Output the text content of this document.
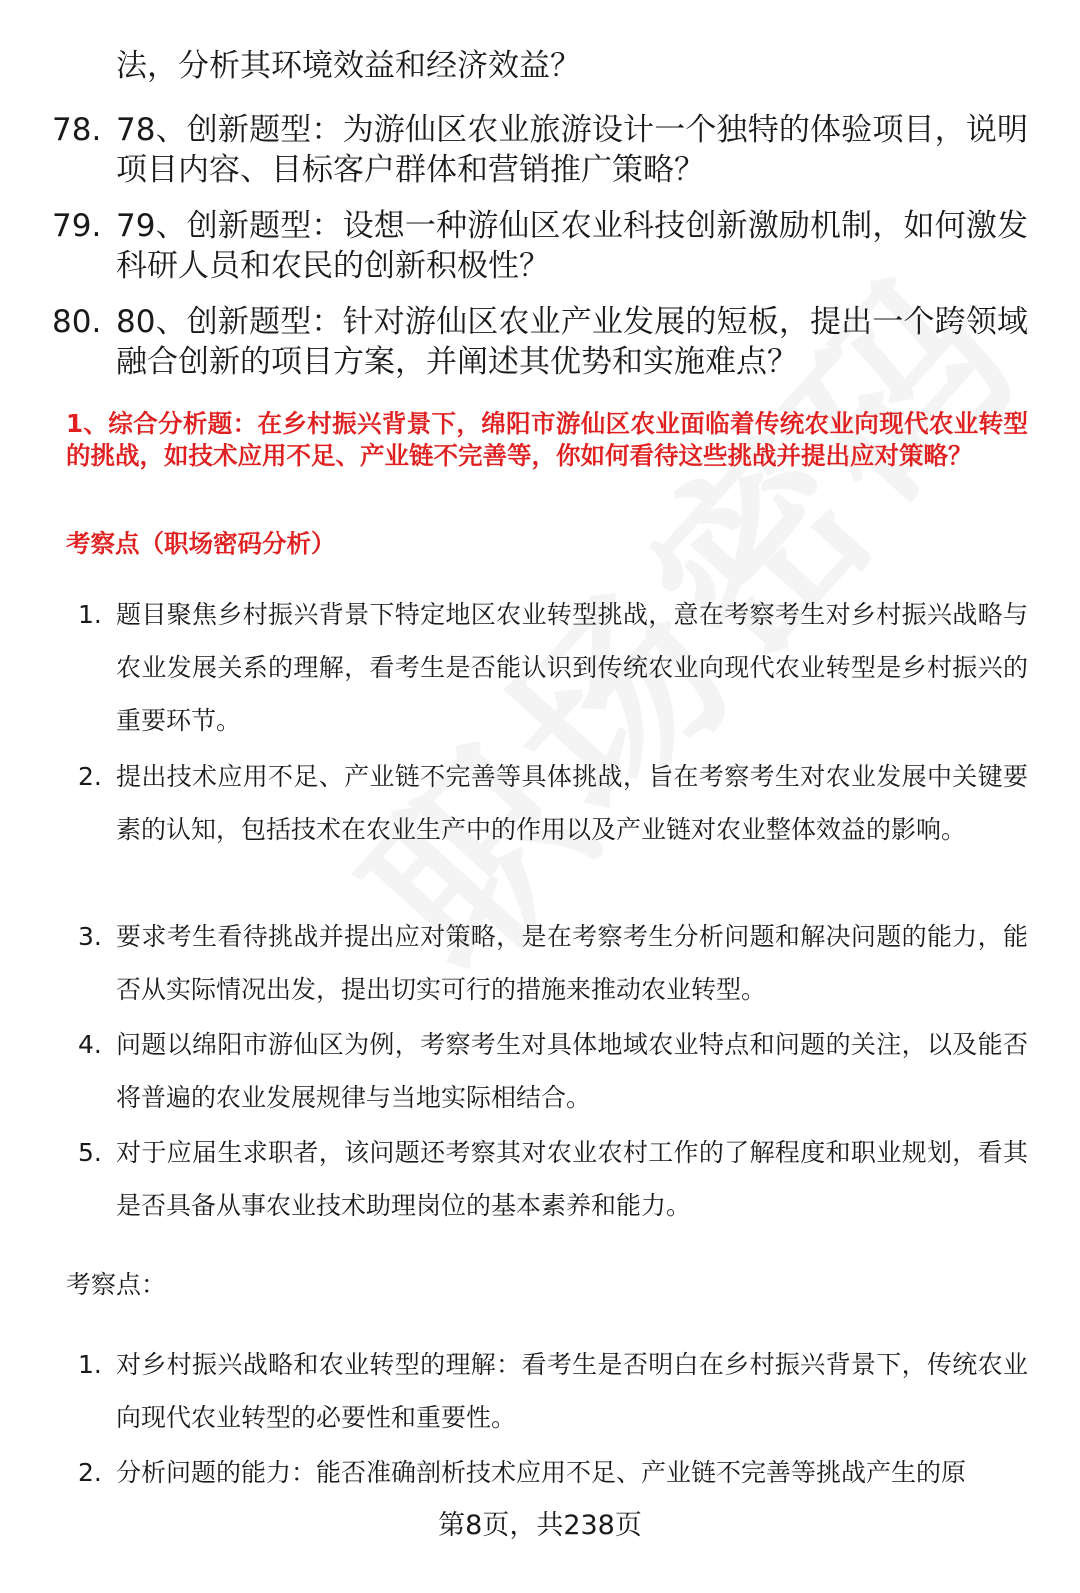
法，分析其环境效益和经济效益？
78. 78、创新题型：为游仙区农业旅游设计一个独特的体验项目，说明项目内容、目标客户群体和营销推广策略？
79. 79、创新题型：设想一种游仙区农业科技创新激励机制，如何激发科研人员和农民的创新积极性？
80. 80、创新题型：针对游仙区农业产业发展的短板，提出一个跨领域融合创新的项目方案，并阐述其优势和实施难点？
1、综合分析题：在乡村振兴背景下，绵阳市游仙区农业面临着传统农业向现代农业转型的挑战，如技术应用不足、产业链不完善等，你如何看待这些挑战并提出应对策略？
考察点（职场密码分析）
1. 题目聚焦乡村振兴背景下特定地区农业转型挑战，意在考察考生对乡村振兴战略与农业发展关系的理解，看考生是否能认识到传统农业向现代农业转型是乡村振兴的重要环节。
2. 提出技术应用不足、产业链不完善等具体挑战，旨在考察考生对农业发展中关键要素的认知，包括技术在农业生产中的作用以及产业链对农业整体效益的影响。
3. 要求考生看待挑战并提出应对策略，是在考察考生分析问题和解决问题的能力，能否从实际情况出发，提出切实可行的措施来推动农业转型。
4. 问题以绵阳市游仙区为例，考察考生对具体地域农业特点和问题的关注，以及能否将普遍的农业发展规律与当地实际相结合。
5. 对于应届生求职者，该问题还考察其对农业农村工作的了解程度和职业规划，看其是否具备从事农业技术助理岗位的基本素养和能力。
考察点：
1. 对乡村振兴战略和农业转型的理解：看考生是否明白在乡村振兴背景下，传统农业向现代农业转型的必要性和重要性。
2. 分析问题的能力：能否准确剖析技术应用不足、产业链不完善等挑战产生的原
第8页，共238页
